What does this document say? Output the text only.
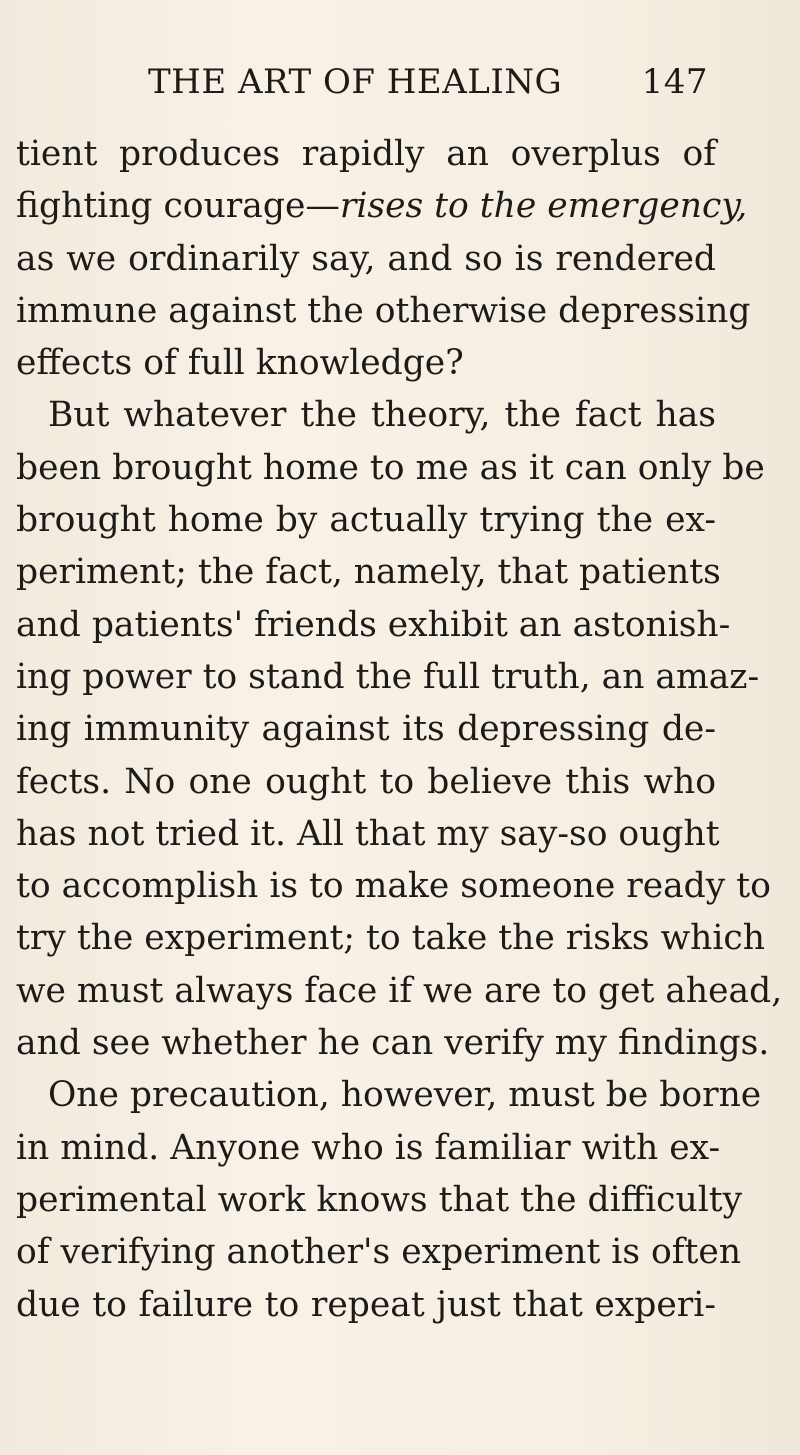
THE ART OF HEALING 147
tient produces rapidly an overplus of
fighting courage—rises to the emergency,
as we ordinarily say, and so is rendered
immune against the otherwise depressing
effects of full knowledge?
But whatever the theory, the fact has
been brought home to me as it can only be
brought home by actually trying the ex-
periment; the fact, namely, that patients
and patients' friends exhibit an astonish-
ing power to stand the full truth, an amaz-
ing immunity against its depressing de-
fects. No one ought to believe this who
has not tried it. All that my say-so ought
to accomplish is to make someone ready to
try the experiment; to take the risks which
we must always face if we are to get ahead,
and see whether he can verify my findings.
One precaution, however, must be borne
in mind. Anyone who is familiar with ex-
perimental work knows that the difficulty
of verifying another's experiment is often
due to failure to repeat just that experi-
